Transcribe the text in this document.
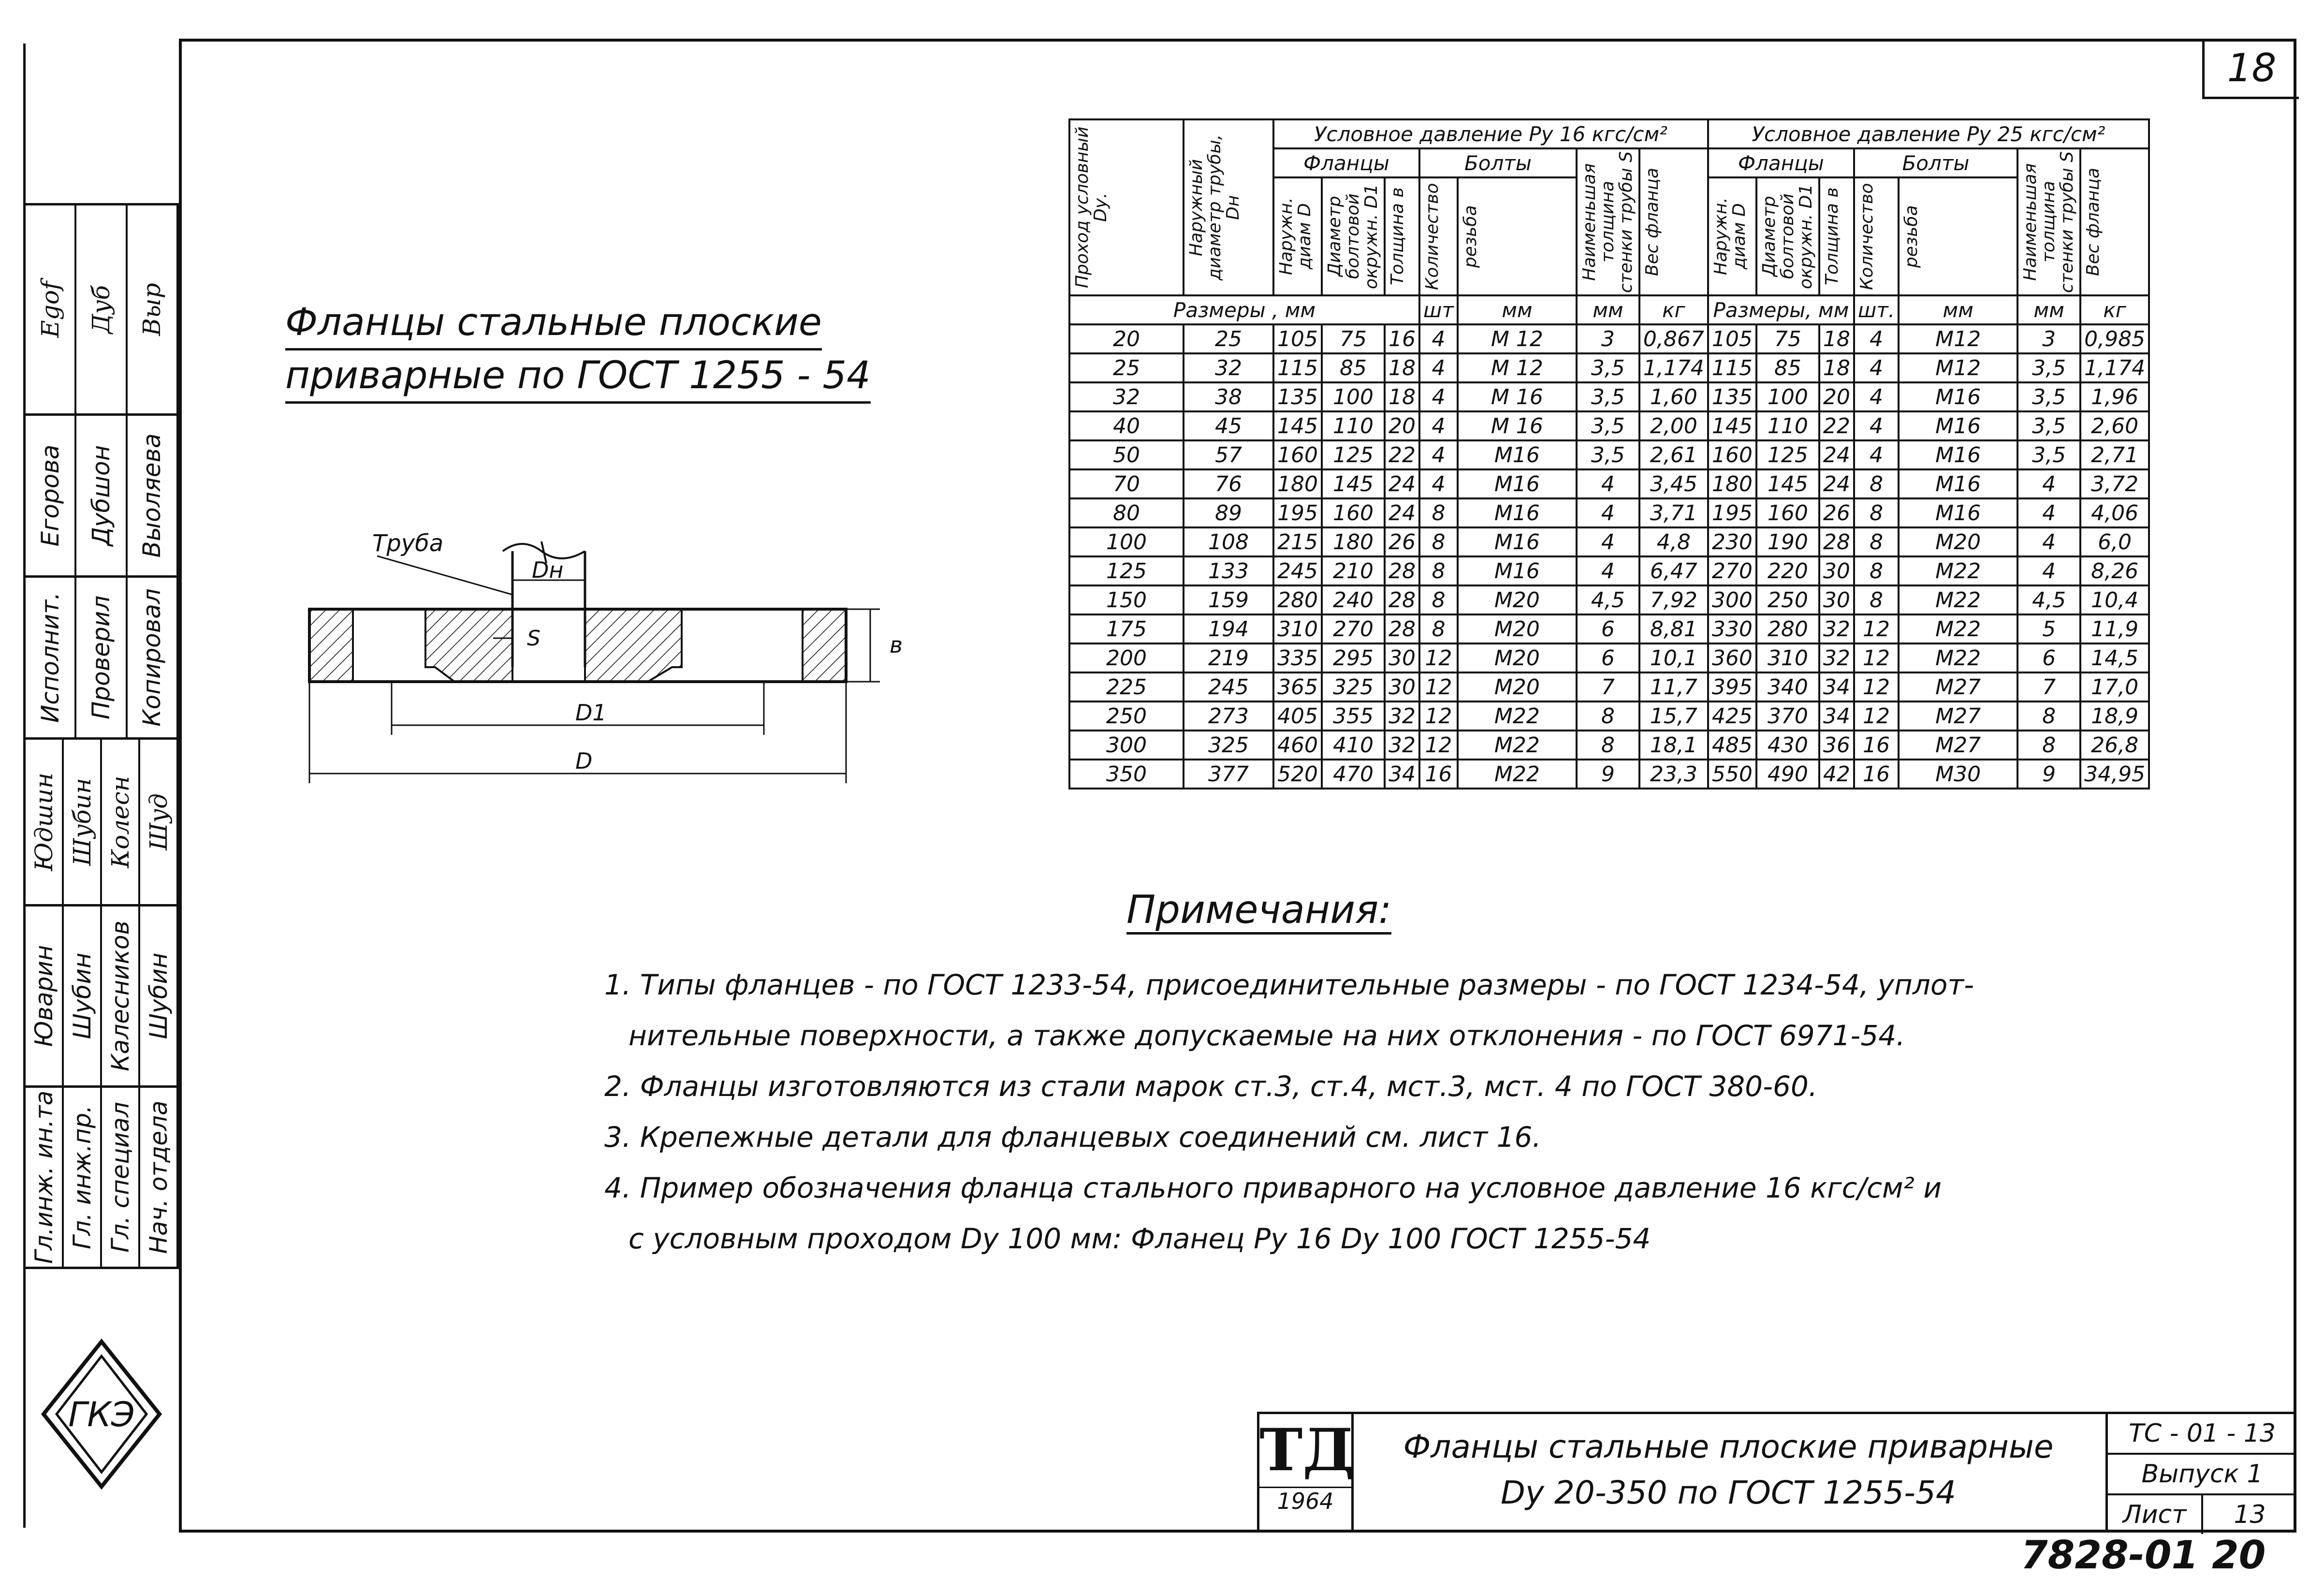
18
Egof Дуб Выр
Егорова Дубшон Выоляева
Исполнит. Проверил Копировал
Юдшин Шубин Колесн Шуд
Юварин Шубин Калесников Шубин
Гл.инж. ин.та Гл. инж.пр. Гл. специал Нач. отдела
ГКЭ
Фланцы стальные плоские
приварные по ГОСТ 1255 - 54
Труба
Dн
S	в
D1
D
Проход условный Dу.	Наружный диаметр трубы, Dн	Условное давление Ру 16 кгс/см²							Условное давление Ру 25 кгс/см²						
		Фланцы			Болты		Наименьшая толщина стенки трубы S	Вес фланца	Фланцы			Болты		Наименьшая толщина стенки трубы S	Вес фланца

		Наружн. диам D	Диаметр болтовой окружн. D1	Толщина в	Количество	резьба			Наружн. диам D	Диаметр болтовой окружн. D1	Толщина в	Количество	резьба		

Размеры , мм					шт	мм	мм	кг	Размеры, мм			шт.	мм	мм	кг
20	25	105	75	16	4	М 12	3	0,867	105	75	18	4	М12	3	0,985
25	32	115	85	18	4	М 12	3,5	1,174	115	85	18	4	М12	3,5	1,174
32	38	135	100	18	4	М 16	3,5	1,60	135	100	20	4	М16	3,5	1,96
40	45	145	110	20	4	М 16	3,5	2,00	145	110	22	4	М16	3,5	2,60
50	57	160	125	22	4	М16	3,5	2,61	160	125	24	4	М16	3,5	2,71
70	76	180	145	24	4	М16	4	3,45	180	145	24	8	М16	4	3,72
80	89	195	160	24	8	М16	4	3,71	195	160	26	8	М16	4	4,06
100	108	215	180	26	8	М16	4	4,8	230	190	28	8	М20	4	6,0
125	133	245	210	28	8	М16	4	6,47	270	220	30	8	М22	4	8,26
150	159	280	240	28	8	М20	4,5	7,92	300	250	30	8	М22	4,5	10,4
175	194	310	270	28	8	М20	6	8,81	330	280	32	12	М22	5	11,9
200	219	335	295	30	12	М20	6	10,1	360	310	32	12	М22	6	14,5
225	245	365	325	30	12	М20	7	11,7	395	340	34	12	М27	7	17,0
250	273	405	355	32	12	М22	8	15,7	425	370	34	12	М27	8	18,9
300	325	460	410	32	12	М22	8	18,1	485	430	36	16	М27	8	26,8
350	377	520	470	34	16	М22	9	23,3	550	490	42	16	М30	9	34,95
Примечания:
1. Типы фланцев - по ГОСТ 1233-54, присоединительные размеры - по ГОСТ 1234-54, уплот-
нительные поверхности, а также допускаемые на них отклонения - по ГОСТ 6971-54.
2. Фланцы изготовляются из стали марок ст.3, ст.4, мст.3, мст. 4 по ГОСТ 380-60.
3. Крепежные детали для фланцевых соединений см. лист 16.
4. Пример обозначения фланца стального приварного на условное давление 16 кгс/см² и
с условным проходом Dу 100 мм: Фланец Ру 16 Dу 100 ГОСТ 1255-54
ТД
1964
Фланцы стальные плоские приварные
Dу 20-350 по ГОСТ 1255-54
ТС - 01 - 13
Выпуск 1
Лист	13
7828-01 20
